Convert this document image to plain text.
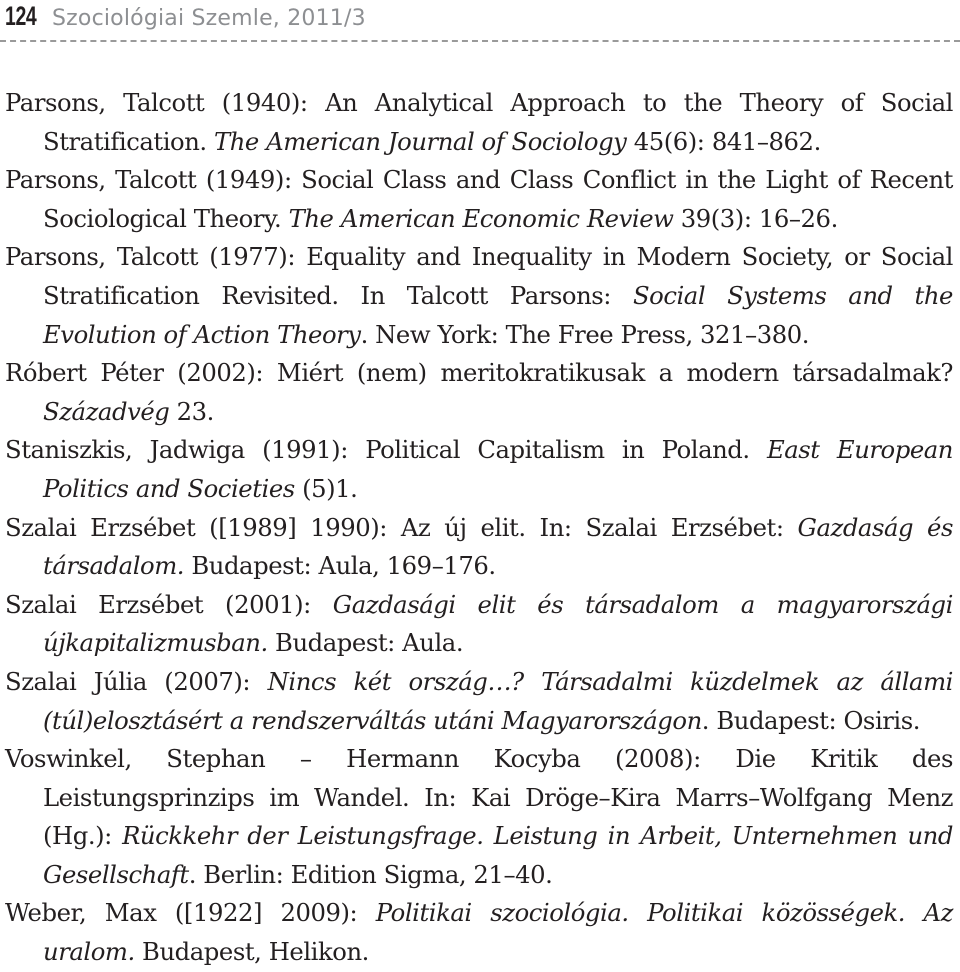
124 Szociológiai Szemle, 2011/3

Parsons, Talcott (1940): An Analytical Approach to the Theory of Social Stratification. The American Journal of Sociology 45(6): 841–862.

Parsons, Talcott (1949): Social Class and Class Conflict in the Light of Recent Sociological Theory. The American Economic Review 39(3): 16–26.

Parsons, Talcott (1977): Equality and Inequality in Modern Society, or Social Stratification Revisited. In Talcott Parsons: Social Systems and the Evolution of Action Theory. New York: The Free Press, 321–380.

Róbert Péter (2002): Miért (nem) meritokratikusak a modern társadalmak? Századvég 23.

Staniszkis, Jadwiga (1991): Political Capitalism in Poland. East European Politics and Societies (5)1.

Szalai Erzsébet ([1989] 1990): Az új elit. In: Szalai Erzsébet: Gazdaság és társadalom. Budapest: Aula, 169–176.

Szalai Erzsébet (2001): Gazdasági elit és társadalom a magyarországi újkapitalizmusban. Budapest: Aula.

Szalai Júlia (2007): Nincs két ország…? Társadalmi küzdelmek az állami (túl)elosztásért a rendszerváltás utáni Magyarországon. Budapest: Osiris.

Voswinkel, Stephan – Hermann Kocyba (2008): Die Kritik des Leistungsprinzips im Wandel. In: Kai Dröge–Kira Marrs–Wolfgang Menz (Hg.): Rückkehr der Leistungsfrage. Leistung in Arbeit, Unternehmen und Gesellschaft. Berlin: Edition Sigma, 21–40.

Weber, Max ([1922] 2009): Politikai szociológia. Politikai közösségek. Az uralom. Budapest, Helikon.
